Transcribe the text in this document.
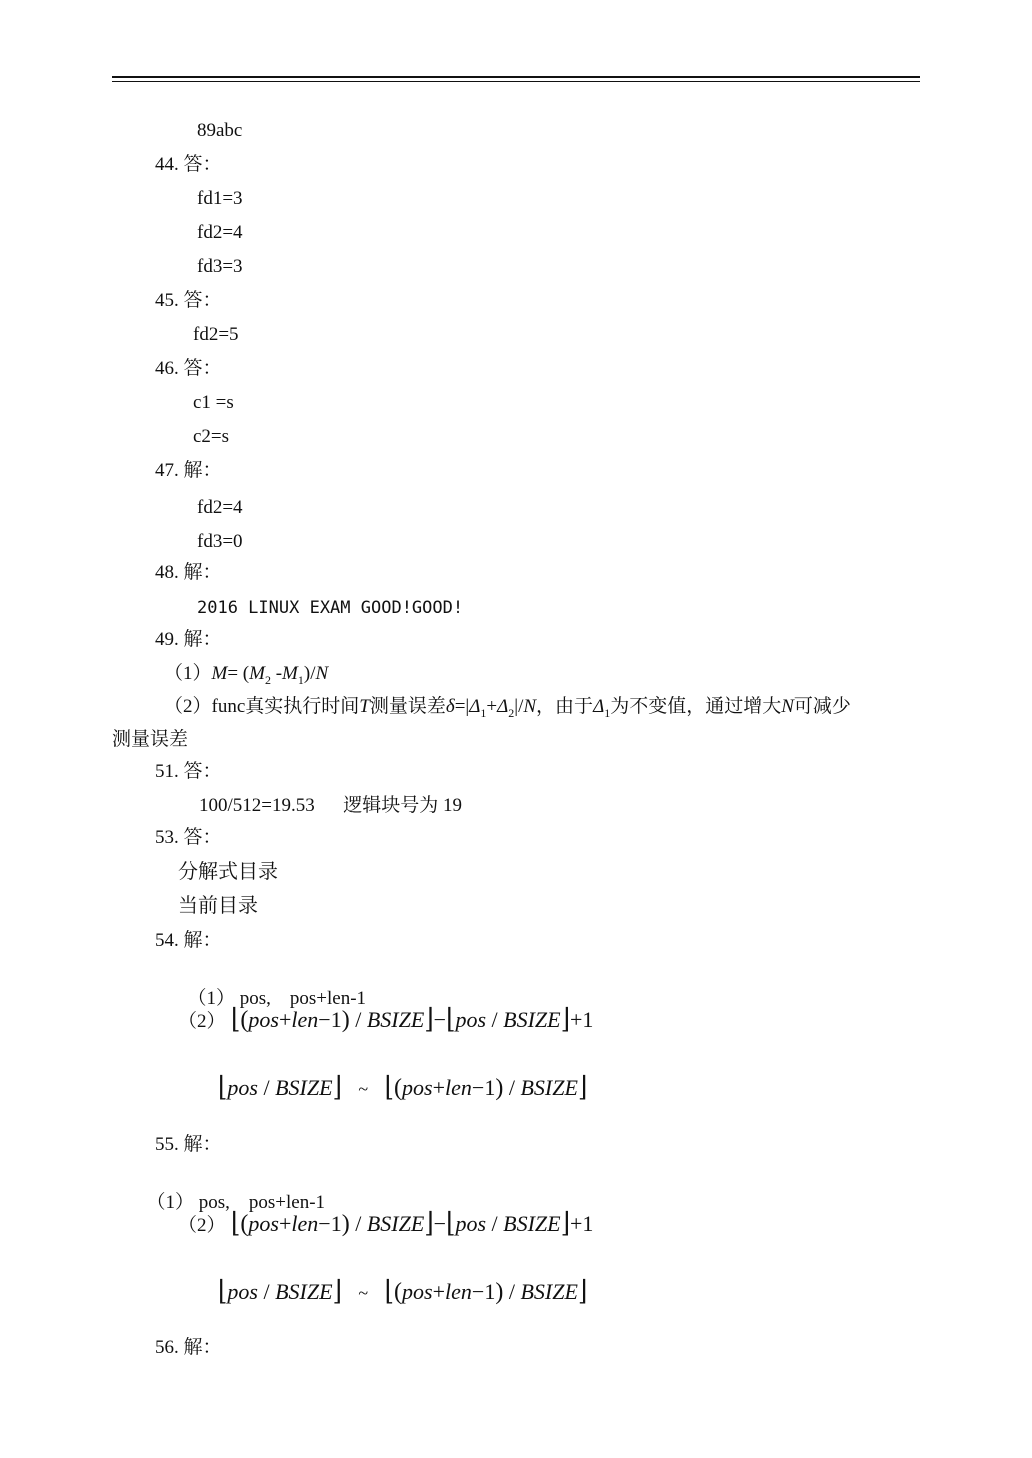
89abc
44. 答：
fd1=3
fd2=4
fd3=3
45. 答：
fd2=5
46. 答：
c1 =s
c2=s
47. 解：
fd2=4
fd3=0
48. 解：
2016 LINUX EXAM GOOD!GOOD!
49. 解：
$(1)M= (M_2$ $-M_1)/N$
（2）func真实执行时间T测量误差$\delta=|\Delta_1+\Delta_2|/N$，由于$\Delta_1$为不变值，通过增大N可减少
测量误差
51. 答：
100/512=19.53      逻辑块号为 19
53. 答：
分解式目录
当前目录
54. 解：

（1） pos,    pos+len-1

（2） ⌊(pos+len−1) / BSIZE⌋−⌊pos / BSIZE⌋+1
⌊pos / BSIZE⌋ ~ ⌊(pos+len−1) / BSIZE⌋
55. 解：

（1） pos,    pos+len-1

（2） ⌊(pos+len−1) / BSIZE⌋−⌊pos / BSIZE⌋+1
⌊pos / BSIZE⌋ ~ ⌊(pos+len−1) / BSIZE⌋
56. 解：
